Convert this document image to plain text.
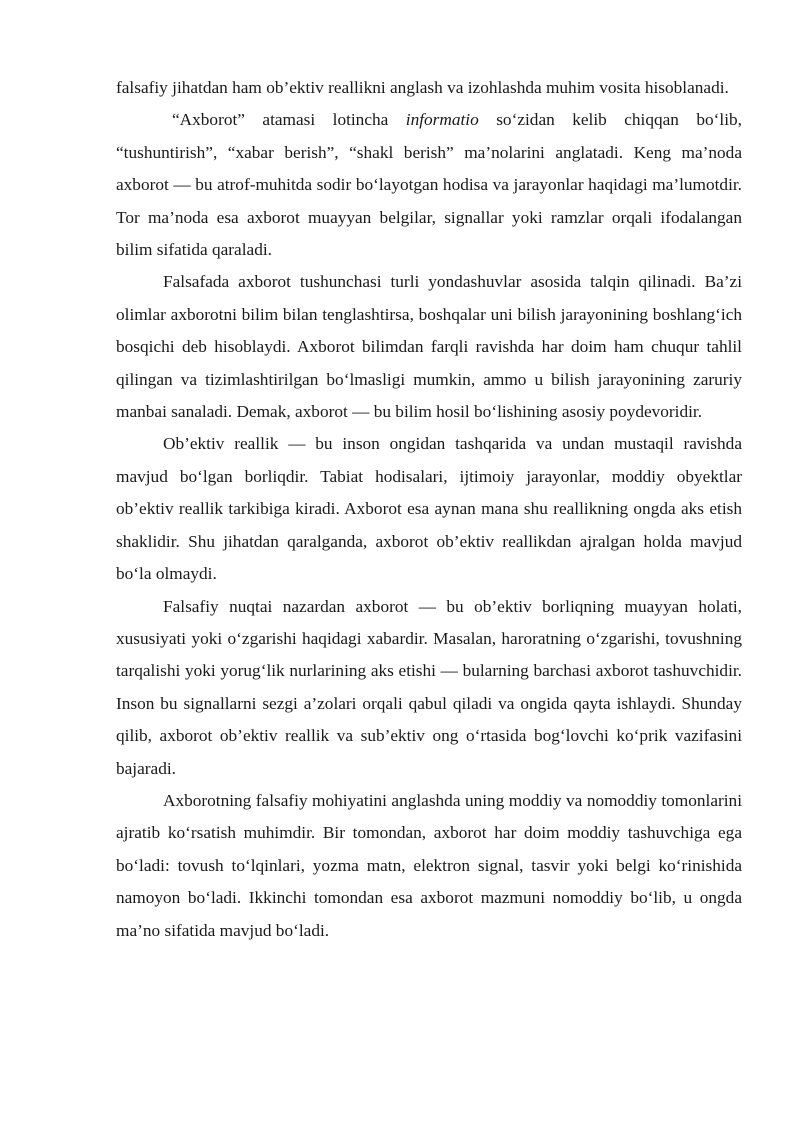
falsafiy jihatdan ham ob’ektiv reallikni anglash va izohlashda muhim vosita hisoblanadi.

“Axborot” atamasi lotincha informatio so‘zidan kelib chiqqan bo‘lib, “tushuntirish”, “xabar berish”, “shakl berish” ma’nolarini anglatadi. Keng ma’noda axborot — bu atrof-muhitda sodir bo‘layotgan hodisa va jarayonlar haqidagi ma’lumotdir. Tor ma’noda esa axborot muayyan belgilar, signallar yoki ramzlar orqali ifodalangan bilim sifatida qaraladi.

Falsafada axborot tushunchasi turli yondashuvlar asosida talqin qilinadi. Ba’zi olimlar axborotni bilim bilan tenglashtirsa, boshqalar uni bilish jarayonining boshlang‘ich bosqichi deb hisoblaydi. Axborot bilimdan farqli ravishda har doim ham chuqur tahlil qilingan va tizimlashtirilgan bo‘lmasligi mumkin, ammo u bilish jarayonining zaruriy manbai sanaladi. Demak, axborot — bu bilim hosil bo‘lishining asosiy poydevoridir.

Ob’ektiv reallik — bu inson ongidan tashqarida va undan mustaqil ravishda mavjud bo‘lgan borliqdir. Tabiat hodisalari, ijtimoiy jarayonlar, moddiy obyektlar ob’ektiv reallik tarkibiga kiradi. Axborot esa aynan mana shu reallikning ongda aks etish shaklidir. Shu jihatdan qaralganda, axborot ob’ektiv reallikdan ajralgan holda mavjud bo‘la olmaydi.

Falsafiy nuqtai nazardan axborot — bu ob’ektiv borliqning muayyan holati, xususiyati yoki o‘zgarishi haqidagi xabardir. Masalan, haroratning o‘zgarishi, tovushning tarqalishi yoki yorug‘lik nurlarining aks etishi — bularning barchasi axborot tashuvchidir. Inson bu signallarni sezgi a’zolari orqali qabul qiladi va ongida qayta ishlaydi. Shunday qilib, axborot ob’ektiv reallik va sub’ektiv ong o‘rtasida bog‘lovchi ko‘prik vazifasini bajaradi.

Axborotning falsafiy mohiyatini anglashda uning moddiy va nomoddiy tomonlarini ajratib ko‘rsatish muhimdir. Bir tomondan, axborot har doim moddiy tashuvchiga ega bo‘ladi: tovush to‘lqinlari, yozma matn, elektron signal, tasvir yoki belgi ko‘rinishida namoyon bo‘ladi. Ikkinchi tomondan esa axborot mazmuni nomoddiy bo‘lib, u ongda ma’no sifatida mavjud bo‘ladi.
